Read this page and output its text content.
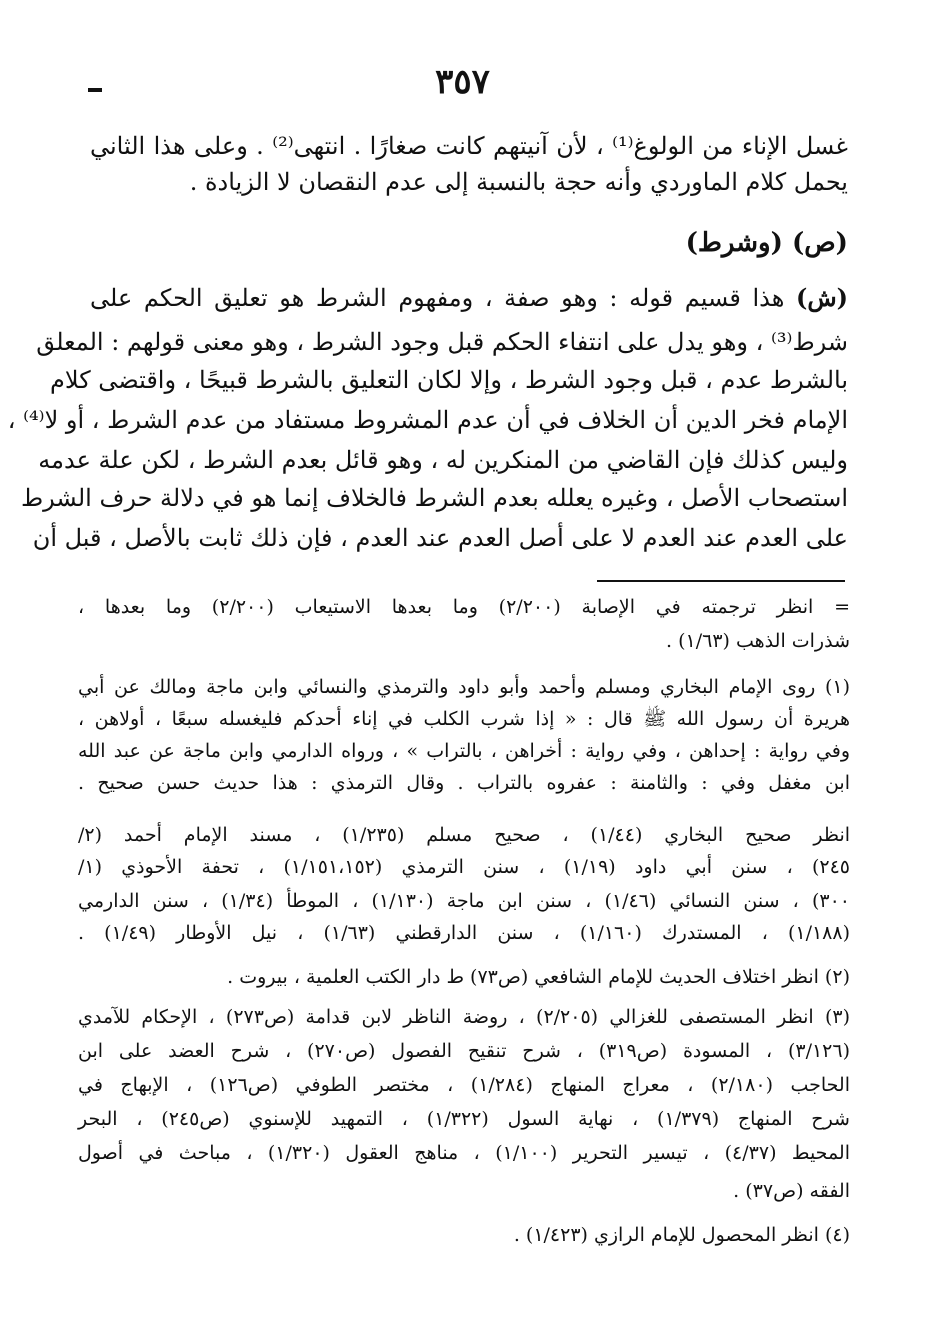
٣٥٧
غسل الإناء من الولوغ⁽¹⁾ ، لأن آنيتهم كانت صغارًا . انتهى⁽²⁾ . وعلى هذا الثاني
يحمل كلام الماوردي وأنه حجة بالنسبة إلى عدم النقصان لا الزيادة .
(ص) (وشرط)
(ش) هذا قسيم قوله : وهو صفة ، ومفهوم الشرط هو تعليق الحكم على
شرط⁽³⁾ ، وهو يدل على انتفاء الحكم قبل وجود الشرط ، وهو معنى قولهم : المعلق
بالشرط عدم ، قبل وجود الشرط ، وإلا لكان التعليق بالشرط قبيحًا ، واقتضى كلام
الإمام فخر الدين أن الخلاف في أن عدم المشروط مستفاد من عدم الشرط ، أو لا⁽⁴⁾ ،
وليس كذلك فإن القاضي من المنكرين له ، وهو قائل بعدم الشرط ، لكن علة عدمه
استصحاب الأصل ، وغيره يعلله بعدم الشرط فالخلاف إنما هو في دلالة حرف الشرط
على العدم عند العدم لا على أصل العدم عند العدم ، فإن ذلك ثابت بالأصل ، قبل أن
= انظر ترجمته في الإصابة (٢/٢٠٠) وما بعدها الاستيعاب (٢/٢٠٠) وما بعدها ،
شذرات الذهب (١/٦٣) .
(١) روى الإمام البخاري ومسلم وأحمد وأبو داود والترمذي والنسائي وابن ماجة ومالك عن أبي
هريرة أن رسول الله ﷺ قال : « إذا شرب الكلب في إناء أحدكم فليغسله سبعًا ، أولاهن ،
وفي رواية : إحداهن ، وفي رواية : أخراهن ، بالتراب » ، ورواه الدارمي وابن ماجة عن عبد الله
ابن مغفل وفي : والثامنة : عفروه بالتراب . وقال الترمذي : هذا حديث حسن صحيح .
انظر صحيح البخاري (١/٤٤) ، صحيح مسلم (١/٢٣٥) ، مسند الإمام أحمد (٢/
٢٤٥) ، سنن أبي داود (١/١٩) ، سنن الترمذي (١/١٥١،١٥٢) ، تحفة الأحوذي (١/
٣٠٠) ، سنن النسائي (١/٤٦) ، سنن ابن ماجة (١/١٣٠) ، الموطأ (١/٣٤) ، سنن الدارمي
(١/١٨٨) ، المستدرك (١/١٦٠) ، سنن الدارقطني (١/٦٣) ، نيل الأوطار (١/٤٩) .
(٢) انظر اختلاف الحديث للإمام الشافعي (ص٧٣) ط دار الكتب العلمية ، بيروت .
(٣) انظر المستصفى للغزالي (٢/٢٠٥) ، روضة الناظر لابن قدامة (ص٢٧٣) ، الإحكام للآمدي
(٣/١٢٦) ، المسودة (ص٣١٩) ، شرح تنقيح الفصول (ص٢٧٠) ، شرح العضد على ابن
الحاجب (٢/١٨٠) ، معراج المنهاج (١/٢٨٤) ، مختصر الطوفي (ص١٢٦) ، الإبهاج في
شرح المنهاج (١/٣٧٩) ، نهاية السول (١/٣٢٢) ، التمهيد للإسنوي (ص٢٤٥) ، البحر
المحيط (٤/٣٧) ، تيسير التحرير (١/١٠٠) ، مناهج العقول (١/٣٢٠) ، مباحث في أصول
الفقه (ص٣٧) .
(٤) انظر المحصول للإمام الرازي (١/٤٢٣) .
